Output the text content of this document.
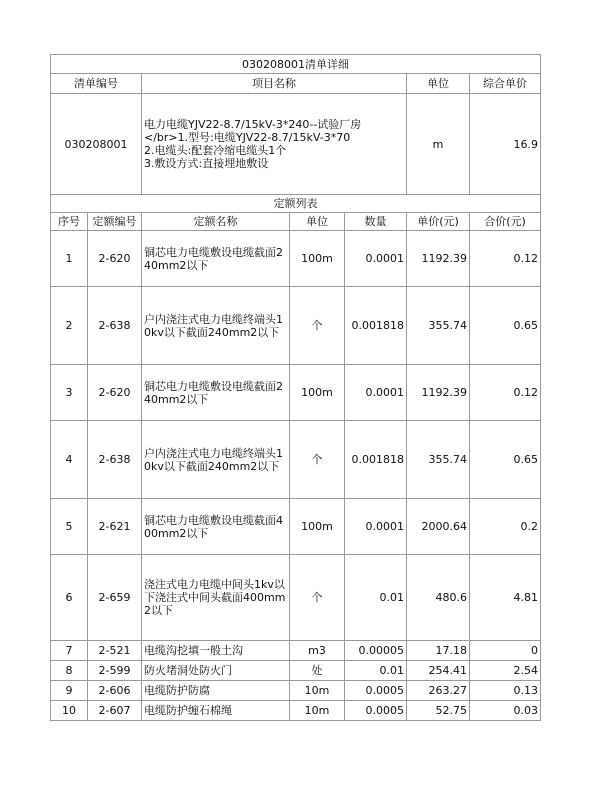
030208001清单详细						
清单编号		项目名称			单位	综合单价
030208001		电力电缆YJV22-8.7/15kV-3*240--试验厂房
</br>1.型号:电缆YJV22-8.7/15kV-3*70
2.电缆头:配套冷缩电缆头1个
3.敷设方式:直接埋地敷设			m	16.9
定额列表						
序号	定额编号	定额名称	单位	数量	单价(元)	合价(元)
1	2-620	铜芯电力电缆敷设电缆截面240mm2以下	100m	0.0001	1192.39	0.12
2	2-638	户内浇注式电力电缆终端头10kv以下截面240mm2以下	个	0.001818	355.74	0.65
3	2-620	铜芯电力电缆敷设电缆截面240mm2以下	100m	0.0001	1192.39	0.12
4	2-638	户内浇注式电力电缆终端头10kv以下截面240mm2以下	个	0.001818	355.74	0.65
5	2-621	铜芯电力电缆敷设电缆截面400mm2以下	100m	0.0001	2000.64	0.2
6	2-659	浇注式电力电缆中间头1kv以下浇注式中间头截面400mm2以下	个	0.01	480.6	4.81
7	2-521	电缆沟挖填一般土沟	m3	0.00005	17.18	0
8	2-599	防火堵洞处防火门	处	0.01	254.41	2.54
9	2-606	电缆防护防腐	10m	0.0005	263.27	0.13
10	2-607	电缆防护缠石棉绳	10m	0.0005	52.75	0.03
